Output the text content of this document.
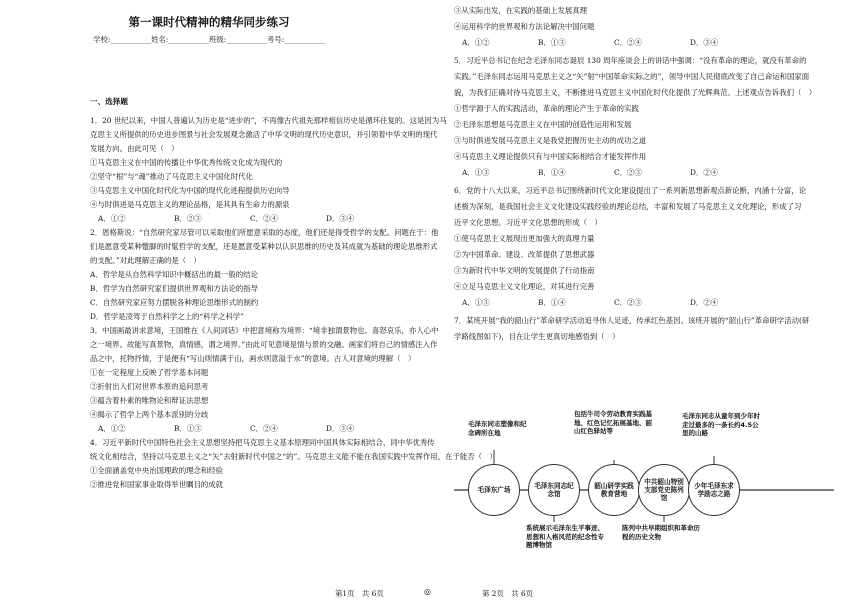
第一课时代精神的精华同步练习
学校:___________姓名:___________班级:___________考号:___________
一、选择题
1．20 世纪以来，中国人普遍认为历史是“进步的”，不再像古代祖先那样相信历史是循环往复的。这是因为马
克思主义所提供的历史进步图景与社会发展观念激活了中华文明的现代历史意识，并引领着中华文明的现代
发展方向。由此可见（　）
①马克思主义在中国的传播让中华优秀传统文化成为现代的
②坚守“根”与“魂”推动了马克思主义中国化时代化
③马克思主义中国化时代化为中国的现代化进程提供历史向导
④与时俱进是马克思主义的理论品格，是其具有生命力的源泉
2．恩格斯说：“自然研究家尽管可以采取他们所愿意采取的态度，他们还是得受哲学的支配。问题在于：他
们是愿意受某种蹩脚的时髦哲学的支配，还是愿意受某种以认识思维的历史及其成就为基础的理论思维形式
的支配。”对此理解正确的是（　）
A．哲学是从自然科学知识中概括出的最一般的结论
B．哲学为自然研究家们提供世界观和方法论的指导
C．自然研究家应努力摆脱各种理论思维形式的制约
D．哲学是凌驾于自然科学之上的“科学之科学”
3．中国画最讲求意境，王国维在《人间词话》中把意境称为境界：“境非独谓景物也。喜怒哀乐，亦人心中
之一境界。故能写真景物，真情感，谓之境界。”由此可见意境是情与景的交融。画家们将自己的情感注入作
品之中，托物抒情，于是便有“写山则情满于山，画水则意溢于水”的意境。古人对意境的理解（　）
①在一定程度上反映了哲学基本问题
②折射出人们对世界本原的追问思考
③蕴含着朴素的唯物论和辩证法思想
④揭示了哲学上两个基本派别的分歧
4．习近平新时代中国特色社会主义思想坚持把马克思主义基本原理同中国具体实际相结合，同中华优秀传
统文化相结合，坚持以马克思主义之“矢”去射新时代中国之“的”。马克思主义能不能在我国实践中发挥作用，在于能否（　）
①全面涵盖党中央治国理政的理念和经验
②推进党和国家事业取得举世瞩目的成就
A．①②	B．②③	C．②④	D．③④
A．①②	B．①③	C．②④	D．③④
第1页　共 6页	◎
③从实际出发，在实践的基础上发展真理
④运用科学的世界观和方法论解决中国问题
A．①②	B．①③	C．②④	D．③④
5．习近平总书记在纪念毛泽东同志诞辰 130 周年座谈会上的讲话中强调：“没有革命的理论，就没有革命的
实践。”毛泽东同志运用马克思主义之“矢”射“中国革命实际之的”，领导中国人民彻底改变了自己命运和国家面
貌，为我们正确对待马克思主义，不断推进马克思主义中国化时代化提供了光辉典范。上述观点告诉我们（　）
①哲学源于人的实践活动，革命的理论产生于革命的实践
②毛泽东思想是马克思主义在中国的创造性运用和发展
③与时俱进发展马克思主义是我党把握历史主动的成功之道
④马克思主义理论提供只有与中国实际相结合才能发挥作用
A．①③	B．①④	C．②③	D．②④
6．党的十八大以来，习近平总书记围绕新时代文化建设提出了一系列新思想新观点新论断，内涵十分富，论
述极为深刻，是我国社会主义文化建设实践经验的理论总结，丰富和发展了马克思主义文化理论，形成了习
近平文化思想。习近平文化思想的形成（　）
①使马克思主义展现出更加强大的真理力量
②为中国革命、建设、改革提供了思想武器
③为新时代中华文明的发展提供了行动指南
④立足马克思主义文化理论，对其进行完善
A．①③	B．①④	C．②③	D．②④
7．某班开展“我的韶山行”革命研学活动追寻伟人足迹，传承红色基因。该班开展的“韶山行”革命研学活动(研
学路线图如下)，目在让学生更真切地感悟到（　）
第 2页　共 6页
毛泽东广场	毛泽东同志纪念馆
韶山研学实践教育营地
中共韶山特别支部党史陈列馆
少年毛泽东求学励志之路
毛泽东同志塑像和纪念碑所在地
包括牛司令劳动教育实践基地、红色记忆拓展基地、韶山红色驿站等
毛泽东同志从童年到少年时走过最多的一条长约4.5公里的山路
系统展示毛泽东生平事迹、思想和人格风范的纪念性专题博物馆
陈列中共早期组织和革命历程的历史文物
